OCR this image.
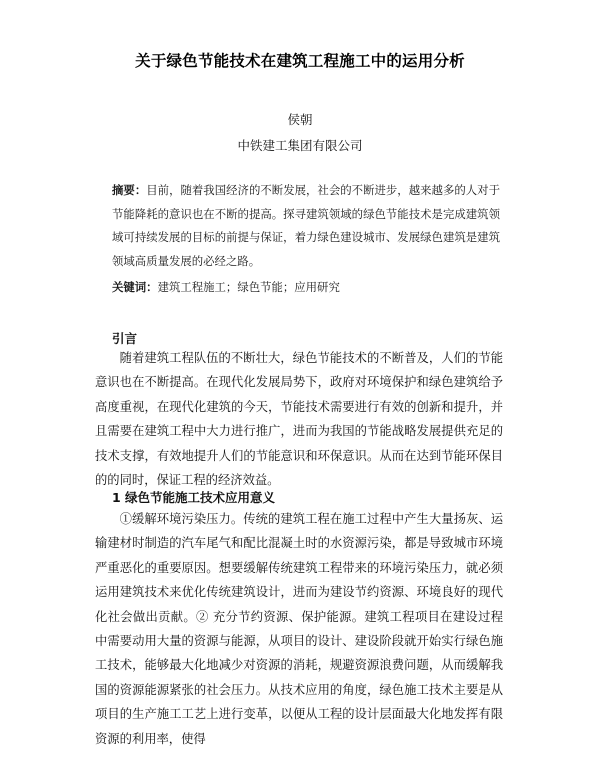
关于绿色节能技术在建筑工程施工中的运用分析
侯朝
中铁建工集团有限公司
摘要：目前，随着我国经济的不断发展，社会的不断进步，越来越多的人对于节能降耗的意识也在不断的提高。探寻建筑领域的绿色节能技术是完成建筑领域可持续发展的目标的前提与保证，着力绿色建设城市、发展绿色建筑是建筑领域高质量发展的必经之路。
关键词：建筑工程施工；绿色节能；应用研究
引言
随着建筑工程队伍的不断壮大，绿色节能技术的不断普及，人们的节能意识也在不断提高。在现代化发展局势下，政府对环境保护和绿色建筑给予高度重视，在现代化建筑的今天，节能技术需要进行有效的创新和提升，并且需要在建筑工程中大力进行推广，进而为我国的节能战略发展提供充足的技术支撑，有效地提升人们的节能意识和环保意识。从而在达到节能环保目的的同时，保证工程的经济效益。
1 绿色节能施工技术应用意义
①缓解环境污染压力。传统的建筑工程在施工过程中产生大量扬灰、运输建材时制造的汽车尾气和配比混凝土时的水资源污染，都是导致城市环境严重恶化的重要原因。想要缓解传统建筑工程带来的环境污染压力，就必须运用建筑技术来优化传统建筑设计，进而为建设节约资源、环境良好的现代化社会做出贡献。② 充分节约资源、保护能源。建筑工程项目在建设过程中需要动用大量的资源与能源，从项目的设计、建设阶段就开始实行绿色施工技术，能够最大化地减少对资源的消耗，规避资源浪费问题，从而缓解我国的资源能源紧张的社会压力。从技术应用的角度，绿色施工技术主要是从项目的生产施工工艺上进行变革，以便从工程的设计层面最大化地发挥有限资源的利用率，使得
